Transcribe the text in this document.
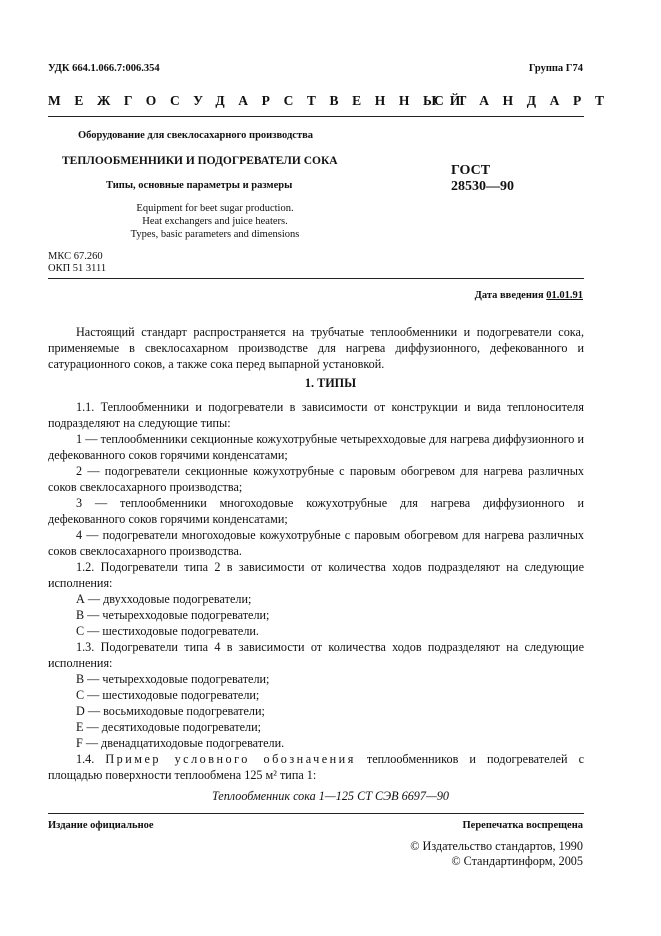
УДК 664.1.066.7:006.354	Группа Г74
МЕЖГОСУДАРСТВЕННЫЙ
СТАНДАРТ
Оборудование для свеклосахарного производства
ТЕПЛООБМЕННИКИ И ПОДОГРЕВАТЕЛИ СОКА
Типы, основные параметры и размеры
ГОСТ
28530—90
Equipment for beet sugar production.
Heat exchangers and juice heaters.
Types, basic parameters and dimensions
МКС 67.260
ОКП 51 3111
Дата введения 01.01.91
Настоящий стандарт распространяется на трубчатые теплообменники и подогреватели сока, применяемые в свеклосахарном производстве для нагрева диффузионного, дефекованного и сатурационного соков, а также сока перед выпарной установкой.
1. ТИПЫ
1.1. Теплообменники и подогреватели в зависимости от конструкции и вида теплоносителя подразделяют на следующие типы:
1 — теплообменники секционные кожухотрубные четырехходовые для нагрева диффузионного и дефекованного соков горячими конденсатами;
2 — подогреватели секционные кожухотрубные с паровым обогревом для нагрева различных соков свеклосахарного производства;
3 — теплообменники многоходовые кожухотрубные для нагрева диффузионного и дефекованного соков горячими конденсатами;
4 — подогреватели многоходовые кожухотрубные с паровым обогревом для нагрева различных соков свеклосахарного производства.
1.2. Подогреватели типа 2 в зависимости от количества ходов подразделяют на следующие исполнения:
А — двухходовые подогреватели;
В — четырехходовые подогреватели;
С — шестиходовые подогреватели.
1.3. Подогреватели типа 4 в зависимости от количества ходов подразделяют на следующие исполнения:
В — четырехходовые подогреватели;
С — шестиходовые подогреватели;
D — восьмиходовые подогреватели;
Е — десятиходовые подогреватели;
F — двенадцатиходовые подогреватели.
1.4. Пример условного обозначения теплообменников и подогревателей с площадью поверхности теплообмена 125 м² типа 1:
Теплообменник сока 1—125 СТ СЭВ 6697—90
Издание официальное	Перепечатка воспрещена
© Издательство стандартов, 1990
© Стандартинформ, 2005
